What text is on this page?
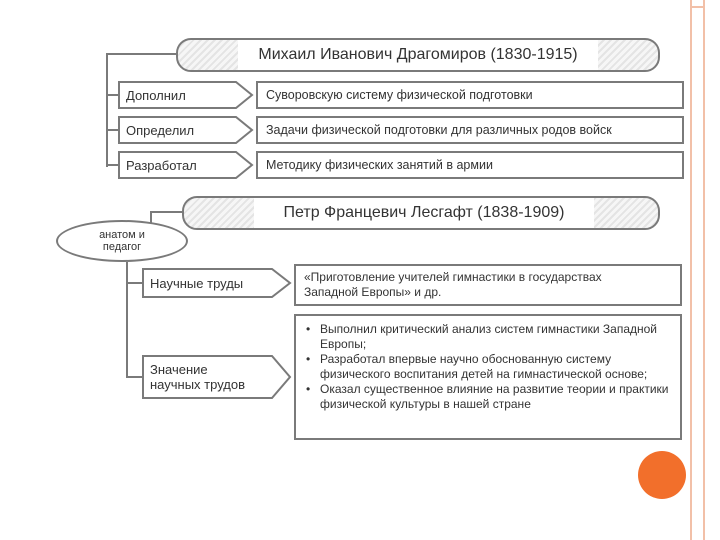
Михаил Иванович Драгомиров (1830-1915)
Дополнил	Суворовскую систему физической подготовки
Определил	Задачи физической подготовки для различных родов войск
Разработал	Методику физических занятий в армии
Петр Францевич Лесгафт (1838-1909)
анатом и
педагог
Научные труды	«Приготовление учителей гимнастики в государствах
Западной Европы» и др.
Значение
научных трудов
• Выполнил критический анализ систем гимнастики Западной Европы;
• Разработал впервые научно обоснованную систему физического воспитания детей на гимнастической основе;
• Оказал существенное влияние на развитие теории и практики физической культуры в нашей стране
